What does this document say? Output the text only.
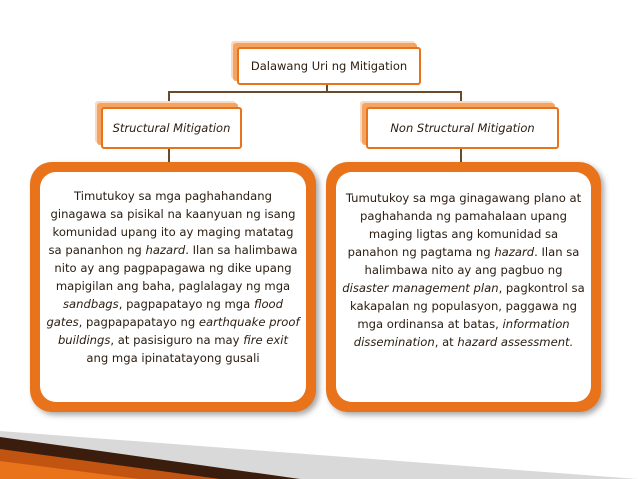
Dalawang Uri ng Mitigation
Structural Mitigation	Non Structural Mitigation

Timutukoy sa mga paghahandang ginagawa sa pisikal na kaanyuan ng isang komunidad upang ito ay maging matatag sa pananhon ng hazard. Ilan sa halimbawa nito ay ang pagpapagawa ng dike upang mapigilan ang baha, paglalagay ng mga sandbags, pagpapatayo ng mga flood gates, pagpapapatayo ng earthquake proof buildings, at pasisiguro na may fire exit ang mga ipinatatayong gusali

Tumutukoy sa mga ginagawang plano at paghahanda ng pamahalaan upang maging ligtas ang komunidad sa panahon ng pagtama ng hazard. Ilan sa halimbawa nito ay ang pagbuo ng disaster management plan, pagkontrol sa kakapalan ng populasyon, paggawa ng mga ordinansa at batas, information dissemination, at hazard assessment.
